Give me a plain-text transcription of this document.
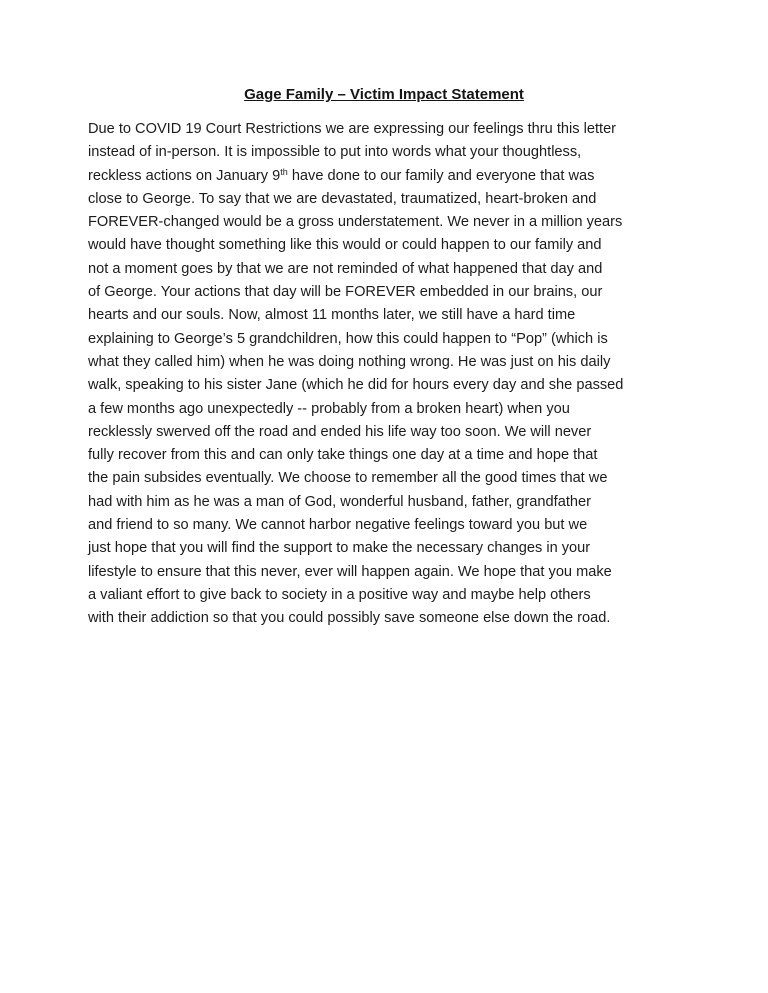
Gage Family – Victim Impact Statement
Due to COVID 19 Court Restrictions we are expressing our feelings thru this letter
instead of in-person. It is impossible to put into words what your thoughtless,
reckless actions on January 9th have done to our family and everyone that was
close to George. To say that we are devastated, traumatized, heart-broken and
FOREVER-changed would be a gross understatement. We never in a million years
would have thought something like this would or could happen to our family and
not a moment goes by that we are not reminded of what happened that day and
of George. Your actions that day will be FOREVER embedded in our brains, our
hearts and our souls. Now, almost 11 months later, we still have a hard time
explaining to George’s 5 grandchildren, how this could happen to “Pop” (which is
what they called him) when he was doing nothing wrong. He was just on his daily
walk, speaking to his sister Jane (which he did for hours every day and she passed
a few months ago unexpectedly -- probably from a broken heart) when you
recklessly swerved off the road and ended his life way too soon. We will never
fully recover from this and can only take things one day at a time and hope that
the pain subsides eventually. We choose to remember all the good times that we
had with him as he was a man of God, wonderful husband, father, grandfather
and friend to so many. We cannot harbor negative feelings toward you but we
just hope that you will find the support to make the necessary changes in your
lifestyle to ensure that this never, ever will happen again. We hope that you make
a valiant effort to give back to society in a positive way and maybe help others
with their addiction so that you could possibly save someone else down the road.
